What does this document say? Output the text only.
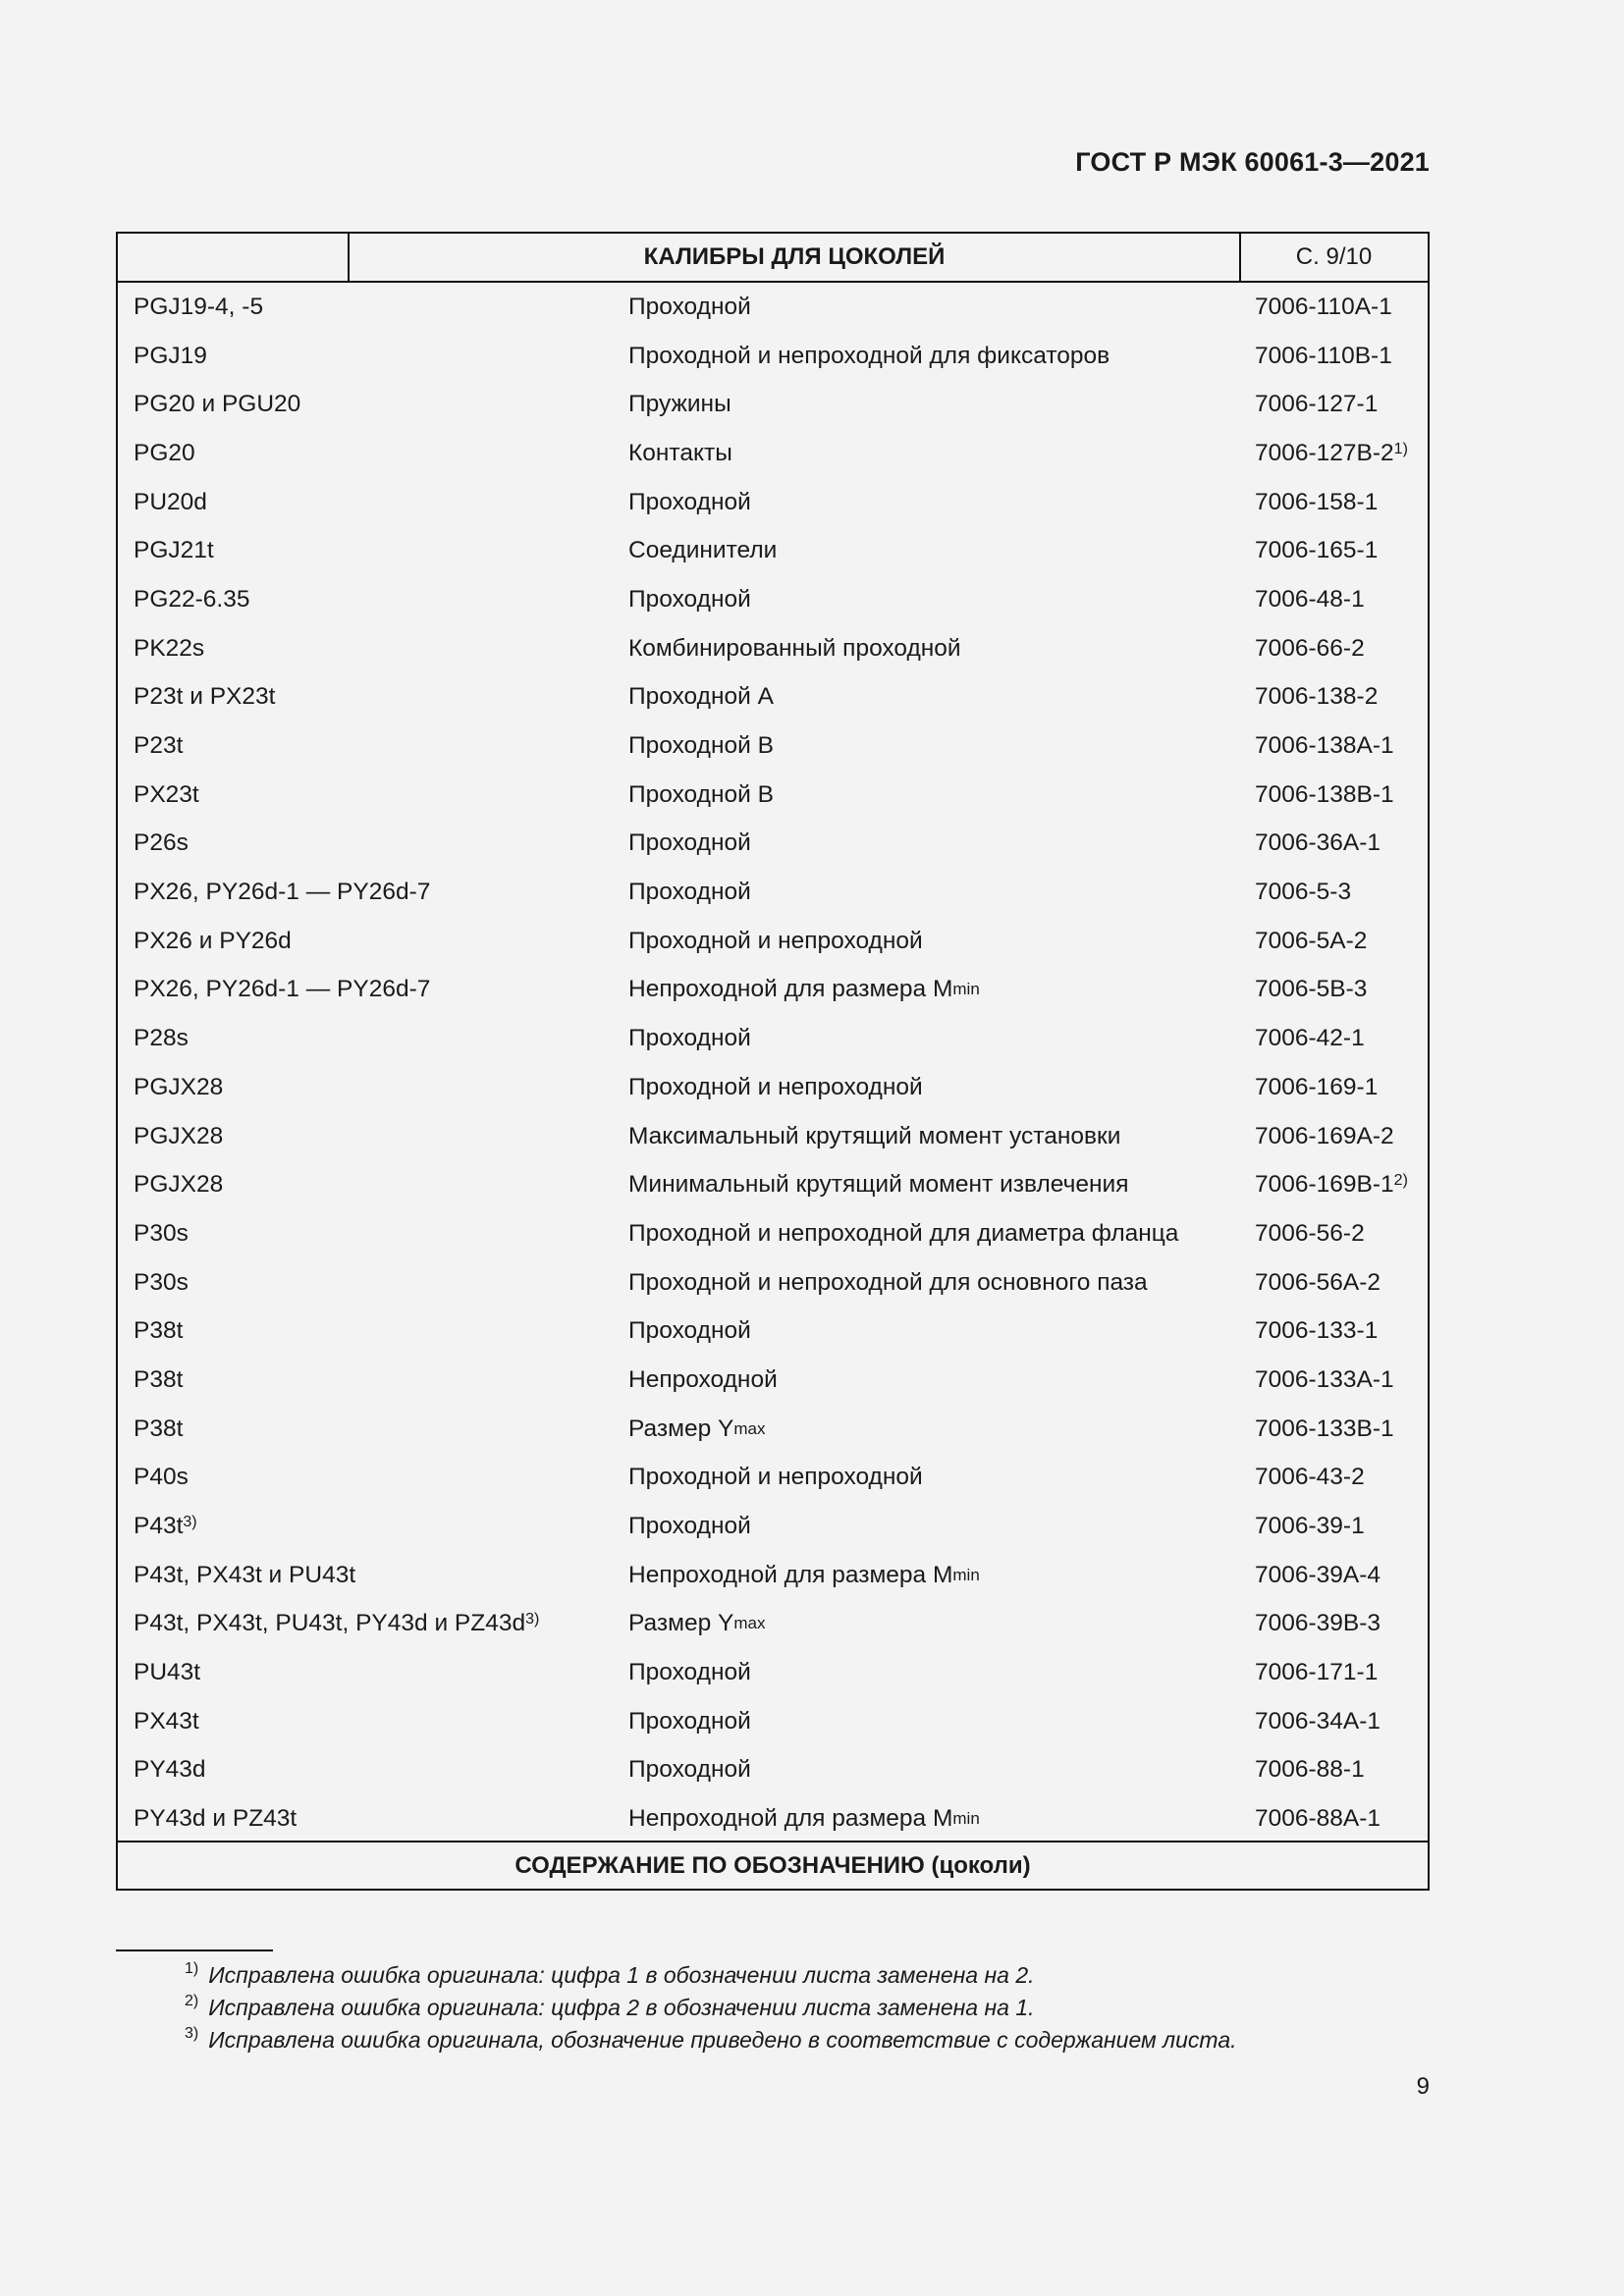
ГОСТ Р МЭК 60061-3—2021
КАЛИБРЫ ДЛЯ ЦОКОЛЕЙ	С. 9/10
PGJ19-4, -5	Проходной	7006-110A-1
PGJ19	Проходной и непроходной для фиксаторов	7006-110B-1
PG20 и PGU20	Пружины	7006-127-1
PG20	Контакты	7006-127B-2$^{1)}$
PU20d	Проходной	7006-158-1
PGJ21t	Соединители	7006-165-1
PG22-6.35	Проходной	7006-48-1
PK22s	Комбинированный проходной	7006-66-2
P23t и PX23t	Проходной A	7006-138-2
P23t	Проходной B	7006-138A-1
PX23t	Проходной B	7006-138B-1
P26s	Проходной	7006-36A-1
PX26, PY26d-1 — PY26d-7	Проходной	7006-5-3
PX26 и PY26d	Проходной и непроходной	7006-5A-2
PX26, PY26d-1 — PY26d-7	Непроходной для размера M min	7006-5B-3
P28s	Проходной	7006-42-1
PGJX28	Проходной и непроходной	7006-169-1
PGJX28	Максимальный крутящий момент установки	7006-169A-2
PGJX28	Минимальный крутящий момент извлечения	7006-169B-1$^{2)}$
P30s	Проходной и непроходной для диаметра фланца	7006-56-2
P30s	Проходной и непроходной для основного паза	7006-56A-2
P38t	Проходной	7006-133-1
P38t	Непроходной	7006-133A-1
P38t	Размер Y max	7006-133B-1
P40s	Проходной и непроходной	7006-43-2
P43t$^{3)}$	Проходной	7006-39-1
P43t, PX43t и PU43t	Непроходной для размера M min	7006-39A-4
P43t, PX43t, PU43t, PY43d и PZ43d$^{3)}$	Размер Y max	7006-39B-3
PU43t	Проходной	7006-171-1
PX43t	Проходной	7006-34A-1
PY43d	Проходной	7006-88-1
PY43d и PZ43t	Непроходной для размера M min	7006-88A-1
СОДЕРЖАНИЕ ПО ОБОЗНАЧЕНИЮ (цоколи)
1) Исправлена ошибка оригинала: цифра 1 в обозначении листа заменена на 2.
2) Исправлена ошибка оригинала: цифра 2 в обозначении листа заменена на 1.
3) Исправлена ошибка оригинала, обозначение приведено в соответствие с содержанием листа.
9
